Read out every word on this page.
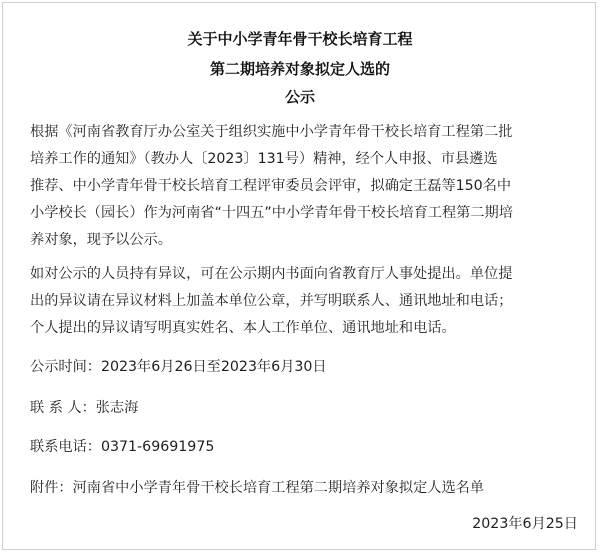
关于中小学青年骨干校长培育工程
第二期培养对象拟定人选的
公示
根据《河南省教育厅办公室关于组织实施中小学青年骨干校长培育工程第二批
培养工作的通知》（教办人〔2023〕131号）精神，经个人申报、市县遴选
推荐、中小学青年骨干校长培育工程评审委员会评审，拟确定王磊等150名中
小学校长（园长）作为河南省“十四五”中小学青年骨干校长培育工程第二期培
养对象，现予以公示。
如对公示的人员持有异议，可在公示期内书面向省教育厅人事处提出。单位提
出的异议请在异议材料上加盖本单位公章，并写明联系人、通讯地址和电话；
个人提出的异议请写明真实姓名、本人工作单位、通讯地址和电话。
公示时间：2023年6月26日至2023年6月30日
联 系 人：张志海
联系电话：0371-69691975
附件：河南省中小学青年骨干校长培育工程第二期培养对象拟定人选名单
2023年6月25日
